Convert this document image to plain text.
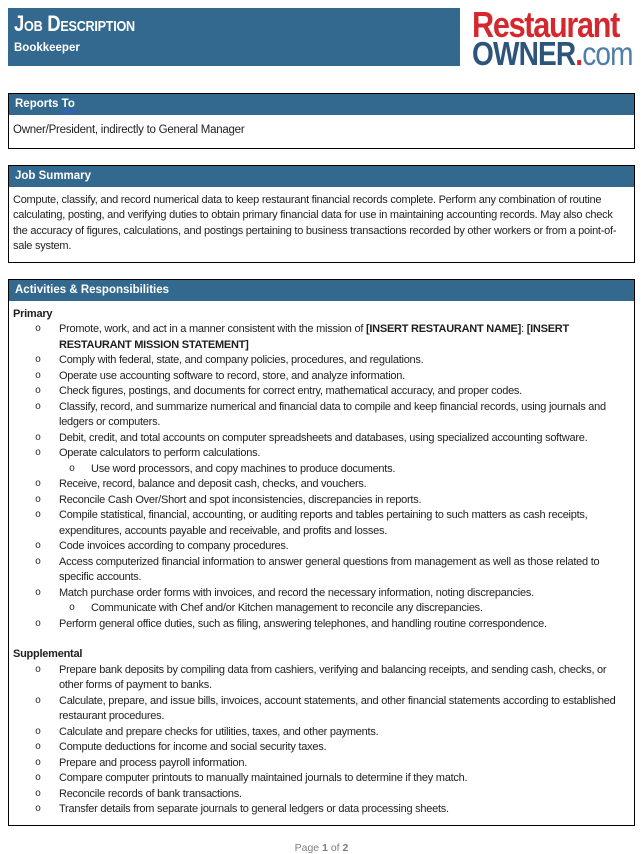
Job Description
Bookkeeper
Restaurant
OWNER.com
Reports To

Owner/President, indirectly to General Manager

Job Summary

Compute, classify, and record numerical data to keep restaurant financial records complete. Perform any combination of routine calculating, posting, and verifying duties to obtain primary financial data for use in maintaining accounting records. May also check the accuracy of figures, calculations, and postings pertaining to business transactions recorded by other workers or from a point-of-sale system.

Activities & Responsibilities
Primary
o Promote, work, and act in a manner consistent with the mission of [INSERT RESTAURANT NAME]: [INSERT RESTAURANT MISSION STATEMENT]
o Comply with federal, state, and company policies, procedures, and regulations.
o Operate use accounting software to record, store, and analyze information.
o Check figures, postings, and documents for correct entry, mathematical accuracy, and proper codes.
o Classify, record, and summarize numerical and financial data to compile and keep financial records, using journals and ledgers or computers.
o Debit, credit, and total accounts on computer spreadsheets and databases, using specialized accounting software.
o Operate calculators to perform calculations.
o Use word processors, and copy machines to produce documents.
o Receive, record, balance and deposit cash, checks, and vouchers.
o Reconcile Cash Over/Short and spot inconsistencies, discrepancies in reports.
o Compile statistical, financial, accounting, or auditing reports and tables pertaining to such matters as cash receipts, expenditures, accounts payable and receivable, and profits and losses.
o Code invoices according to company procedures.
o Access computerized financial information to answer general questions from management as well as those related to specific accounts.
o Match purchase order forms with invoices, and record the necessary information, noting discrepancies.
o Communicate with Chef and/or Kitchen management to reconcile any discrepancies.
o Perform general office duties, such as filing, answering telephones, and handling routine correspondence.
Supplemental
o Prepare bank deposits by compiling data from cashiers, verifying and balancing receipts, and sending cash, checks, or other forms of payment to banks.
o Calculate, prepare, and issue bills, invoices, account statements, and other financial statements according to established restaurant procedures.
o Calculate and prepare checks for utilities, taxes, and other payments.
o Compute deductions for income and social security taxes.
o Prepare and process payroll information.
o Compare computer printouts to manually maintained journals to determine if they match.
o Reconcile records of bank transactions.
o Transfer details from separate journals to general ledgers or data processing sheets.
Page 1 of 2
